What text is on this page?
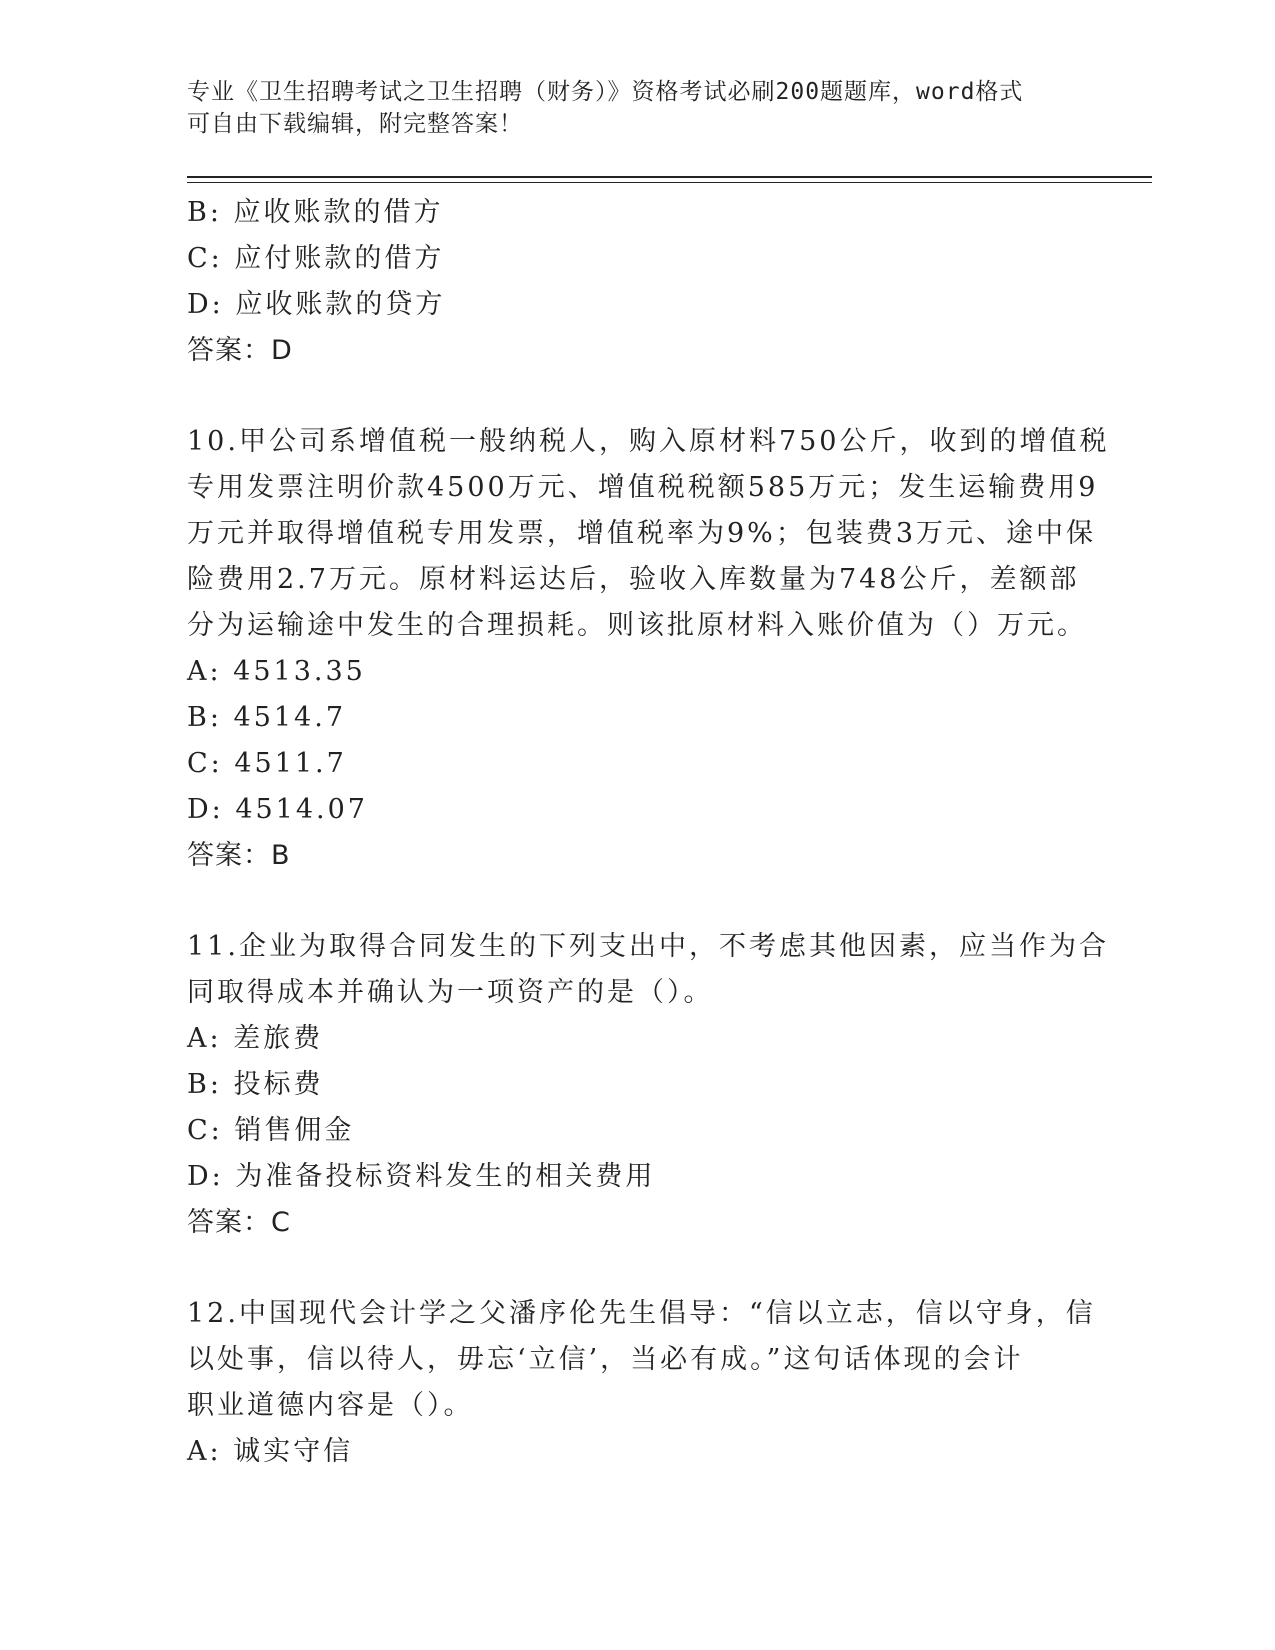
专业《卫生招聘考试之卫生招聘（财务）》资格考试必刷200题题库，word格式
可自由下载编辑，附完整答案！
B: 应收账款的借方
C: 应付账款的借方
D: 应收账款的贷方
答案：D
10.甲公司系增值税一般纳税人，购入原材料750公斤，收到的增值税
专用发票注明价款4500万元、增值税税额585万元；发生运输费用9
万元并取得增值税专用发票，增值税率为9%；包装费3万元、途中保
险费用2.7万元。原材料运达后，验收入库数量为748公斤，差额部
分为运输途中发生的合理损耗。则该批原材料入账价值为（）万元。
A: 4513.35
B: 4514.7
C: 4511.7
D: 4514.07
答案：B
11.企业为取得合同发生的下列支出中，不考虑其他因素，应当作为合
同取得成本并确认为一项资产的是（）。
A: 差旅费
B: 投标费
C: 销售佣金
D: 为准备投标资料发生的相关费用
答案：C
12.中国现代会计学之父潘序伦先生倡导：“信以立志，信以守身，信
以处事，信以待人，毋忘‘立信’，当必有成。”这句话体现的会计
职业道德内容是（）。
A: 诚实守信
